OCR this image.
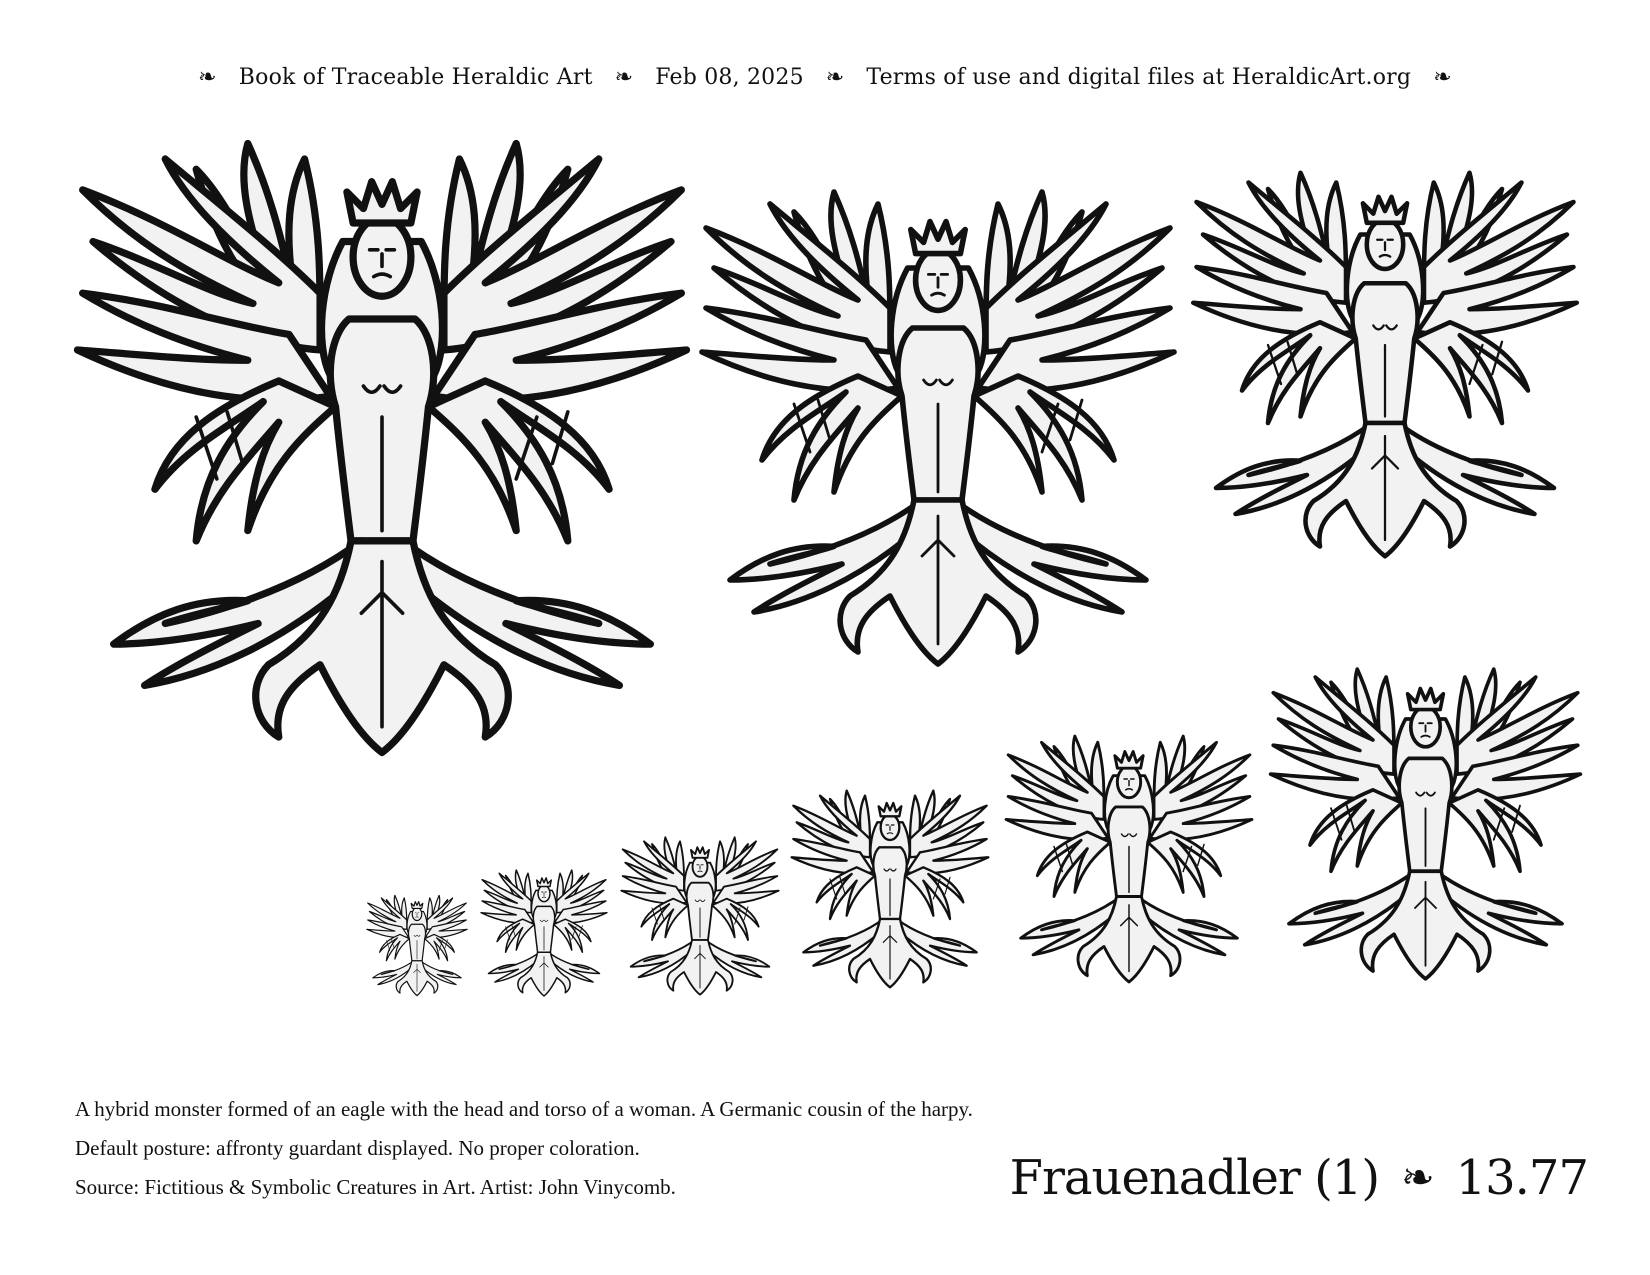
❧ Book of Traceable Heraldic Art ❧ Feb 08, 2025 ❧ Terms of use and digital files at HeraldicArt.org ❧
A hybrid monster formed of an eagle with the head and torso of a woman. A Germanic cousin of the harpy.
Default posture: affronty guardant displayed. No proper coloration.
Source: Fictitious & Symbolic Creatures in Art. Artist: John Vinycomb.	Frauenadler (1) ❧ 13.77
